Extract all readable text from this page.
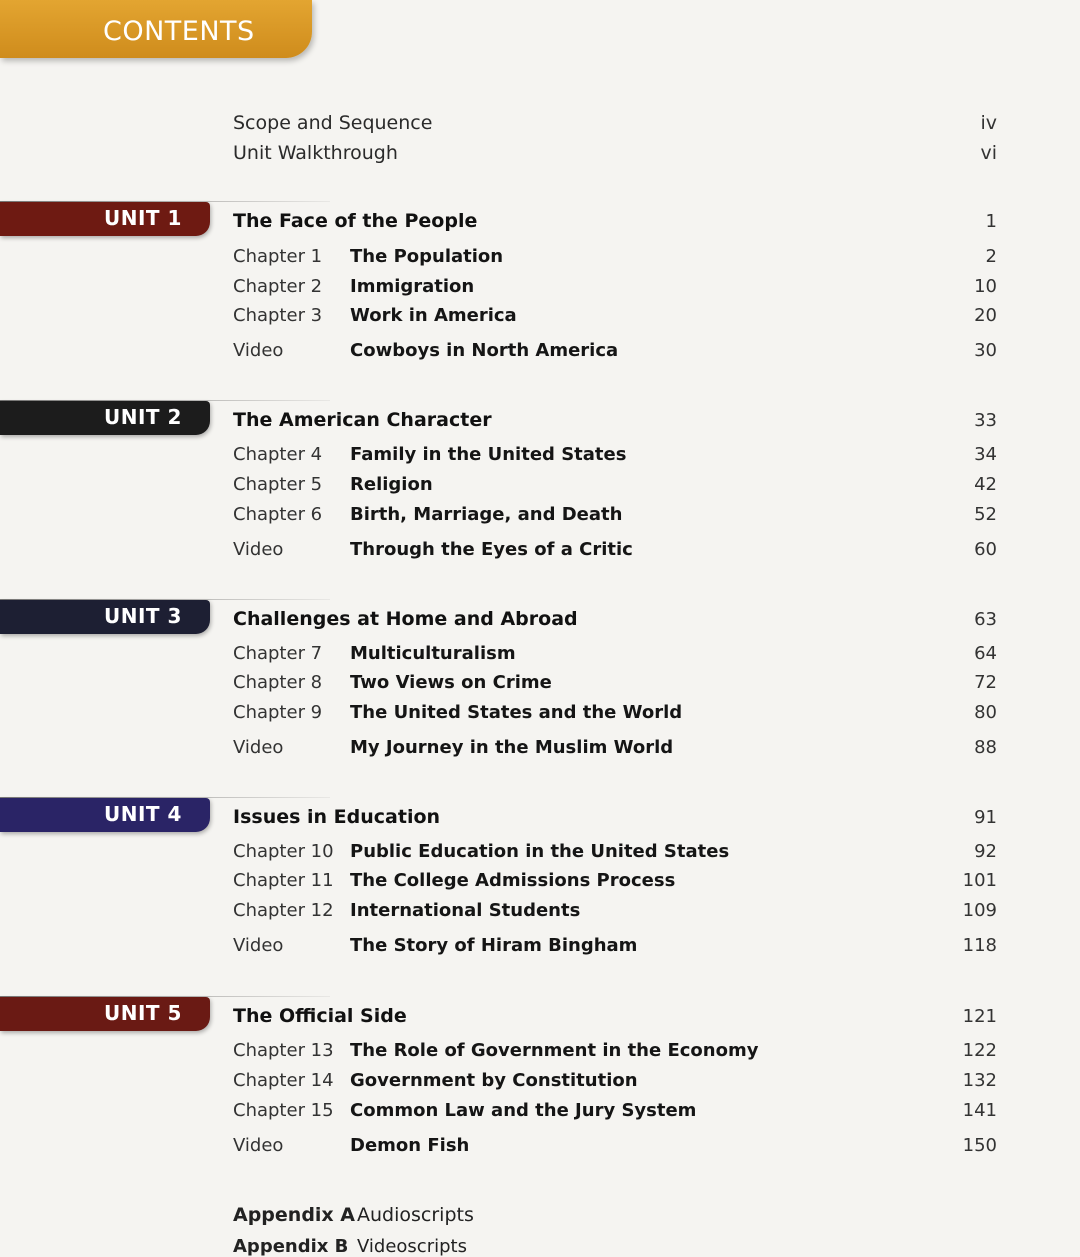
CONTENTS
Scope and Sequence	iv
Unit Walkthrough	vi
UNIT 1	The Face of the People	1
Chapter 1 The Population	2
Chapter 2 Immigration	10
Chapter 3 Work in America	20
Video	Cowboys in North America	30
UNIT 2	The American Character	33
Chapter 4 Family in the United States	34
Chapter 5 Religion	42
Chapter 6 Birth, Marriage, and Death	52
Video	Through the Eyes of a Critic	60
UNIT 3	Challenges at Home and Abroad	63
Chapter 7 Multiculturalism	64
Chapter 8 Two Views on Crime	72
Chapter 9 The United States and the World	80
Video	My Journey in the Muslim World	88
UNIT 4	Issues in Education	91
Chapter 10 Public Education in the United States	92
Chapter 11 The College Admissions Process	101
Chapter 12 International Students	109
Video	The Story of Hiram Bingham	118
UNIT 5	The Official Side	121
Chapter 13 The Role of Government in the Economy	122
Chapter 14 Government by Constitution	132
Chapter 15 Common Law and the Jury System	141
Video	Demon Fish	150
Appendix A Audioscripts
Appendix B Videoscripts
